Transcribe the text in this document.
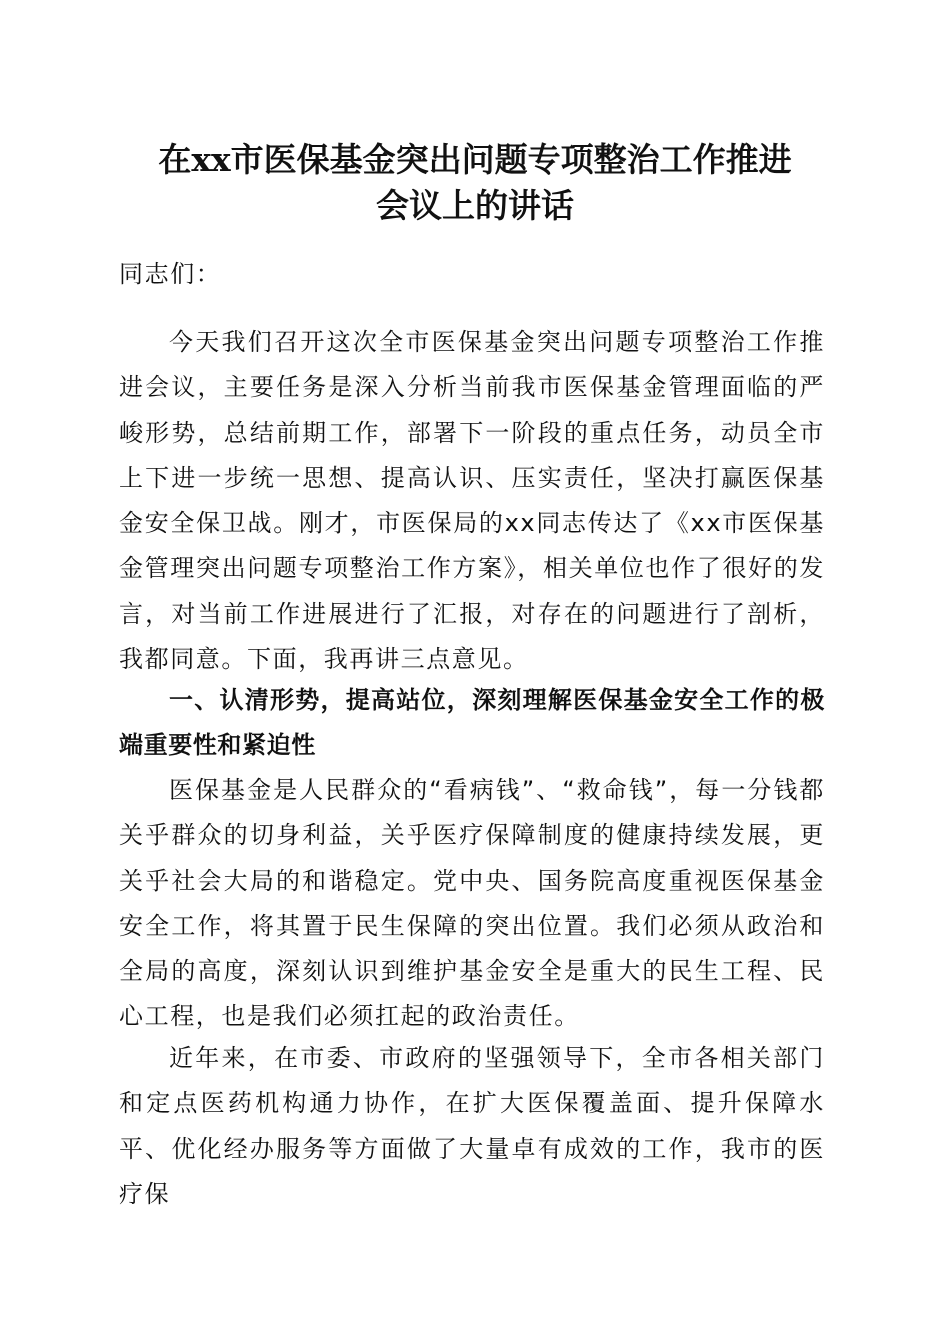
在xx市医保基金突出问题专项整治工作推进
会议上的讲话

同志们：

今天我们召开这次全市医保基金突出问题专项整治工作推进会议，主要任务是深入分析当前我市医保基金管理面临的严峻形势，总结前期工作，部署下一阶段的重点任务，动员全市上下进一步统一思想、提高认识、压实责任，坚决打赢医保基金安全保卫战。刚才，市医保局的xx同志传达了《xx市医保基金管理突出问题专项整治工作方案》，相关单位也作了很好的发言，对当前工作进展进行了汇报，对存在的问题进行了剖析，我都同意。下面，我再讲三点意见。

一、认清形势，提高站位，深刻理解医保基金安全工作的极端重要性和紧迫性

医保基金是人民群众的“看病钱”、“救命钱”，每一分钱都关乎群众的切身利益，关乎医疗保障制度的健康持续发展，更关乎社会大局的和谐稳定。党中央、国务院高度重视医保基金安全工作，将其置于民生保障的突出位置。我们必须从政治和全局的高度，深刻认识到维护基金安全是重大的民生工程、民心工程，也是我们必须扛起的政治责任。

近年来，在市委、市政府的坚强领导下，全市各相关部门和定点医药机构通力协作，在扩大医保覆盖面、提升保障水平、优化经办服务等方面做了大量卓有成效的工作，我市的医疗保
